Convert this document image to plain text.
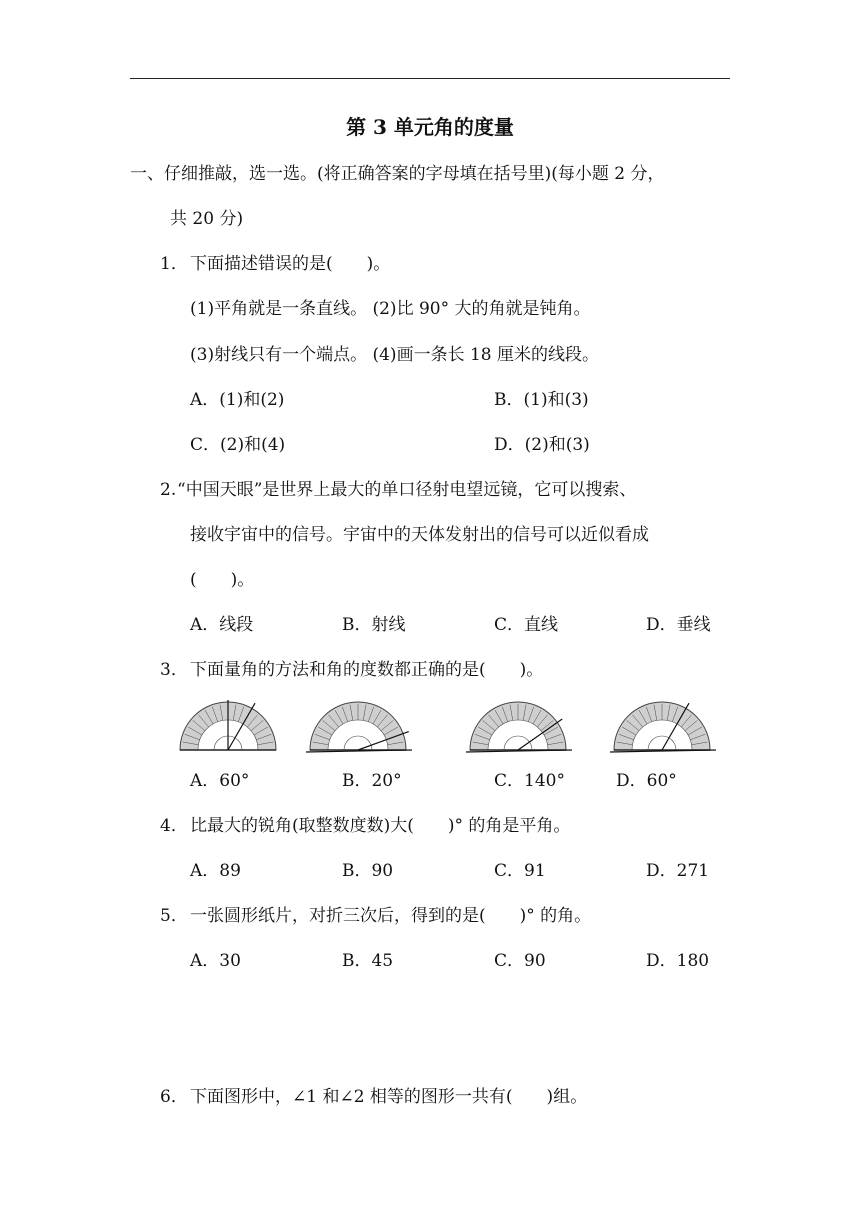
第 3 单元角的度量
一、仔细推敲，选一选。(将正确答案的字母填在括号里)(每小题 2 分，
共 20 分)
1． 下面描述错误的是(　　)。
(1)平角就是一条直线。 (2)比 90° 大的角就是钝角。
(3)射线只有一个端点。 (4)画一条长 18 厘米的线段。
A．(1)和(2)	B．(1)和(3)
C．(2)和(4)	D．(2)和(3)
2. “中国天眼”是世界上最大的单口径射电望远镜，它可以搜索、
接收宇宙中的信号。宇宙中的天体发射出的信号可以近似看成
(　　)。
A．线段	B．射线	C．直线	D．垂线
3． 下面量角的方法和角的度数都正确的是(　　)。
A．60°	B．20°	C．140°	D．60°
4． 比最大的锐角(取整数度数)大(　　)° 的角是平角。
A．89	B．90	C．91	D．271
5． 一张圆形纸片，对折三次后，得到的是(　　)° 的角。
A．30	B．45	C．90	D．180
6． 下面图形中，∠1 和∠2 相等的图形一共有(　　)组。
